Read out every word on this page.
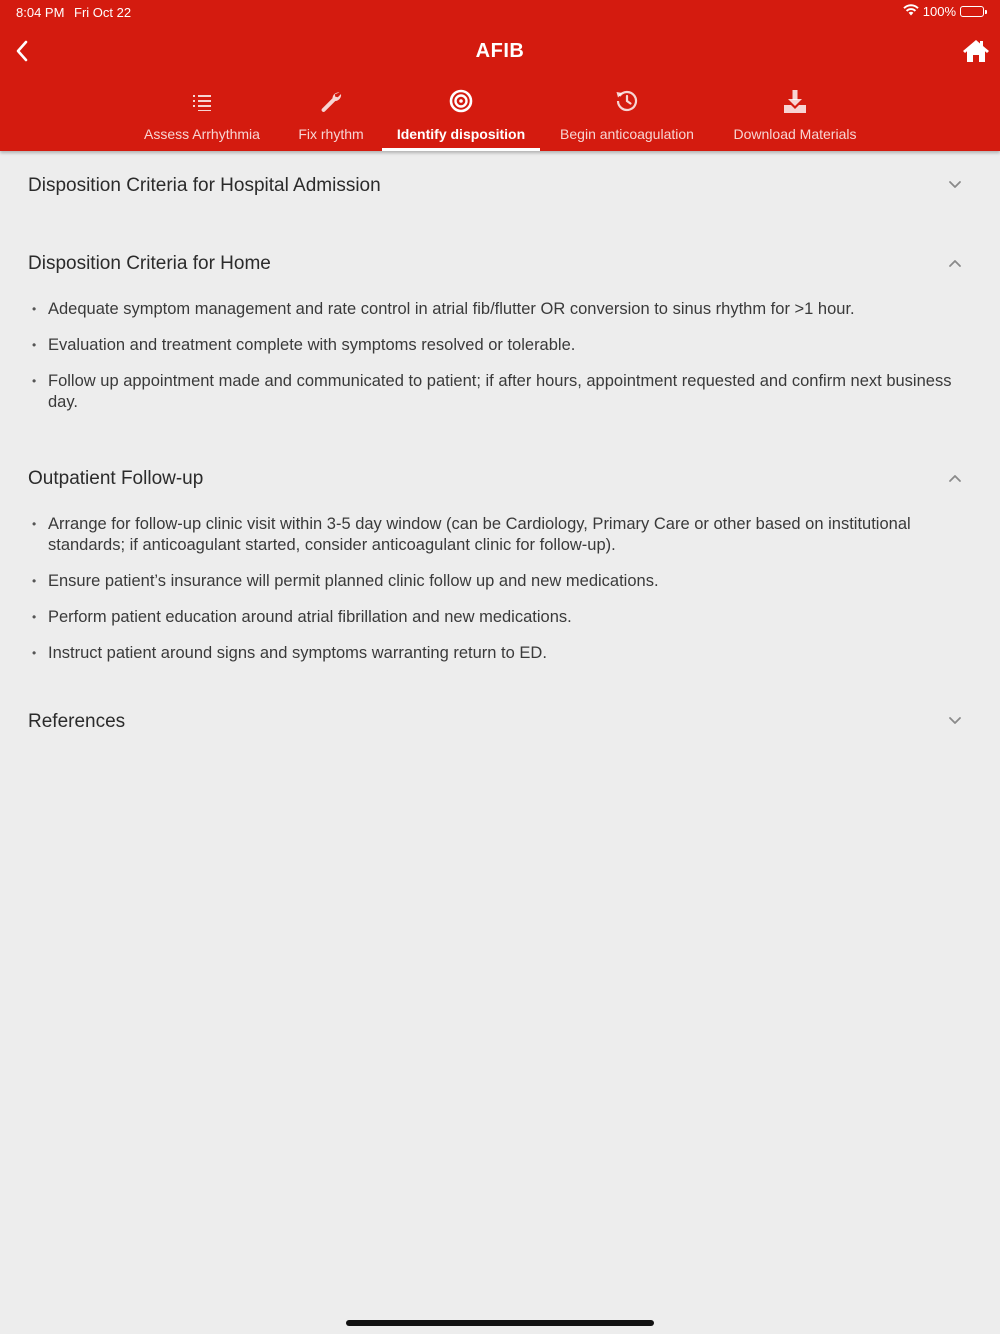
8:04 PM Fri Oct 22	100%
AFIB
Assess Arrhythmia	Fix rhythm	Identify disposition	Begin anticoagulation	Download Materials
Disposition Criteria for Hospital Admission
Disposition Criteria for Home
• Adequate symptom management and rate control in atrial fib/flutter OR conversion to sinus rhythm for >1 hour.
• Evaluation and treatment complete with symptoms resolved or tolerable.
• Follow up appointment made and communicated to patient; if after hours, appointment requested and confirm next business day.
Outpatient Follow-up
• Arrange for follow-up clinic visit within 3-5 day window (can be Cardiology, Primary Care or other based on institutional standards; if anticoagulant started, consider anticoagulant clinic for follow-up).
• Ensure patient’s insurance will permit planned clinic follow up and new medications.
• Perform patient education around atrial fibrillation and new medications.
• Instruct patient around signs and symptoms warranting return to ED.
References
